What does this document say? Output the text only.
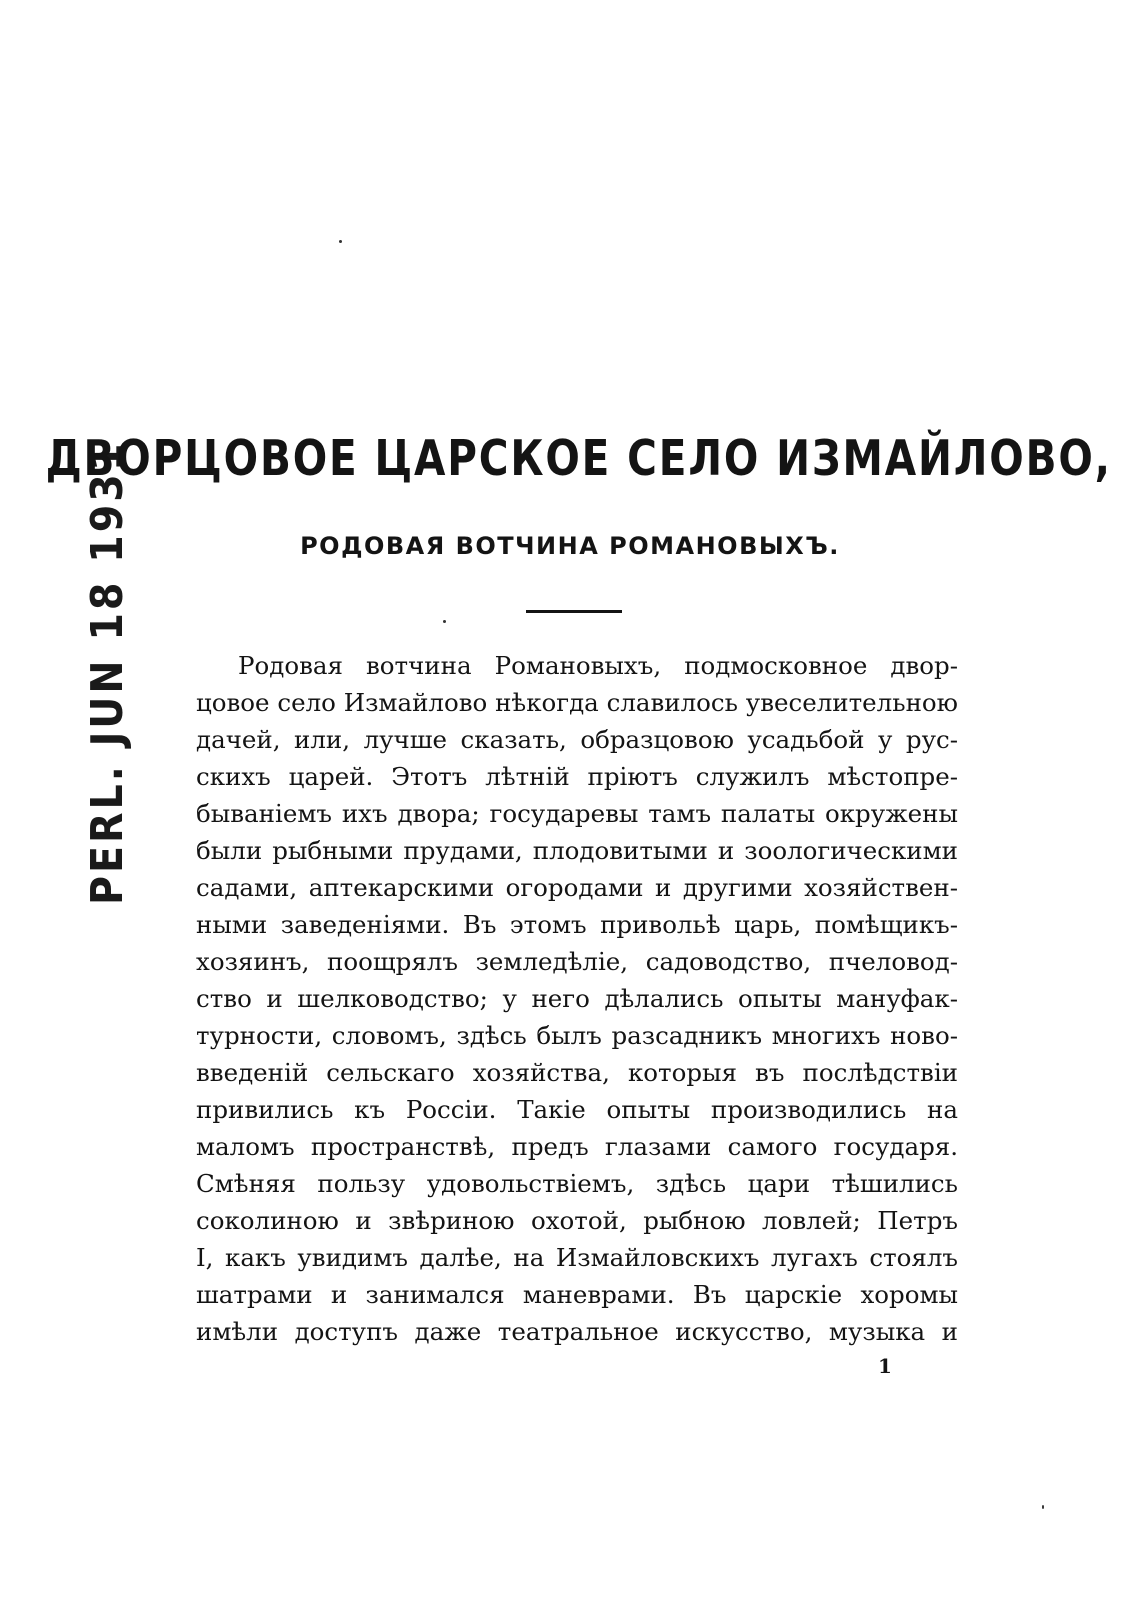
PERL. JUN 18 1931
ДВОРЦОВОЕ ЦАРСКОЕ СЕЛО ИЗМАЙЛОВО,
РОДОВАЯ ВОТЧИНА РОМАНОВЫХЪ.
Родовая вотчина Романовыхъ, подмосковное двор-
цовое село Измайлово нѣкогда славилось увеселительною
дачей, или, лучше сказать, образцовою усадьбой у рус-
скихъ царей. Этотъ лѣтній пріютъ служилъ мѣстопре-
быванiемъ ихъ двора; государевы тамъ палаты окружены
были рыбными прудами, плодовитыми и зоологическими
садами, аптекарскими огородами и другими хозяйствен-
ными заведеніями. Въ этомъ привольѣ царь, помѣщикъ-
хозяинъ, поощрялъ земледѣліе, садоводство, пчеловод-
ство и шелководство; у него дѣлались опыты мануфак-
турности, словомъ, здѣсь былъ разсадникъ многихъ ново-
введеній сельскаго хозяйства, которыя въ послѣдствіи
привились къ Россіи. Такіе опыты производились на
маломъ пространствѣ, предъ глазами самого государя.
Смѣняя пользу удовольствіемъ, здѣсь цари тѣшились
соколиною и звѣриною охотой, рыбною ловлей; Петръ
I, какъ увидимъ далѣе, на Измайловскихъ лугахъ стоялъ
шатрами и занимался маневрами. Въ царскіе хоромы
имѣли доступъ даже театральное искусство, музыка и
1
